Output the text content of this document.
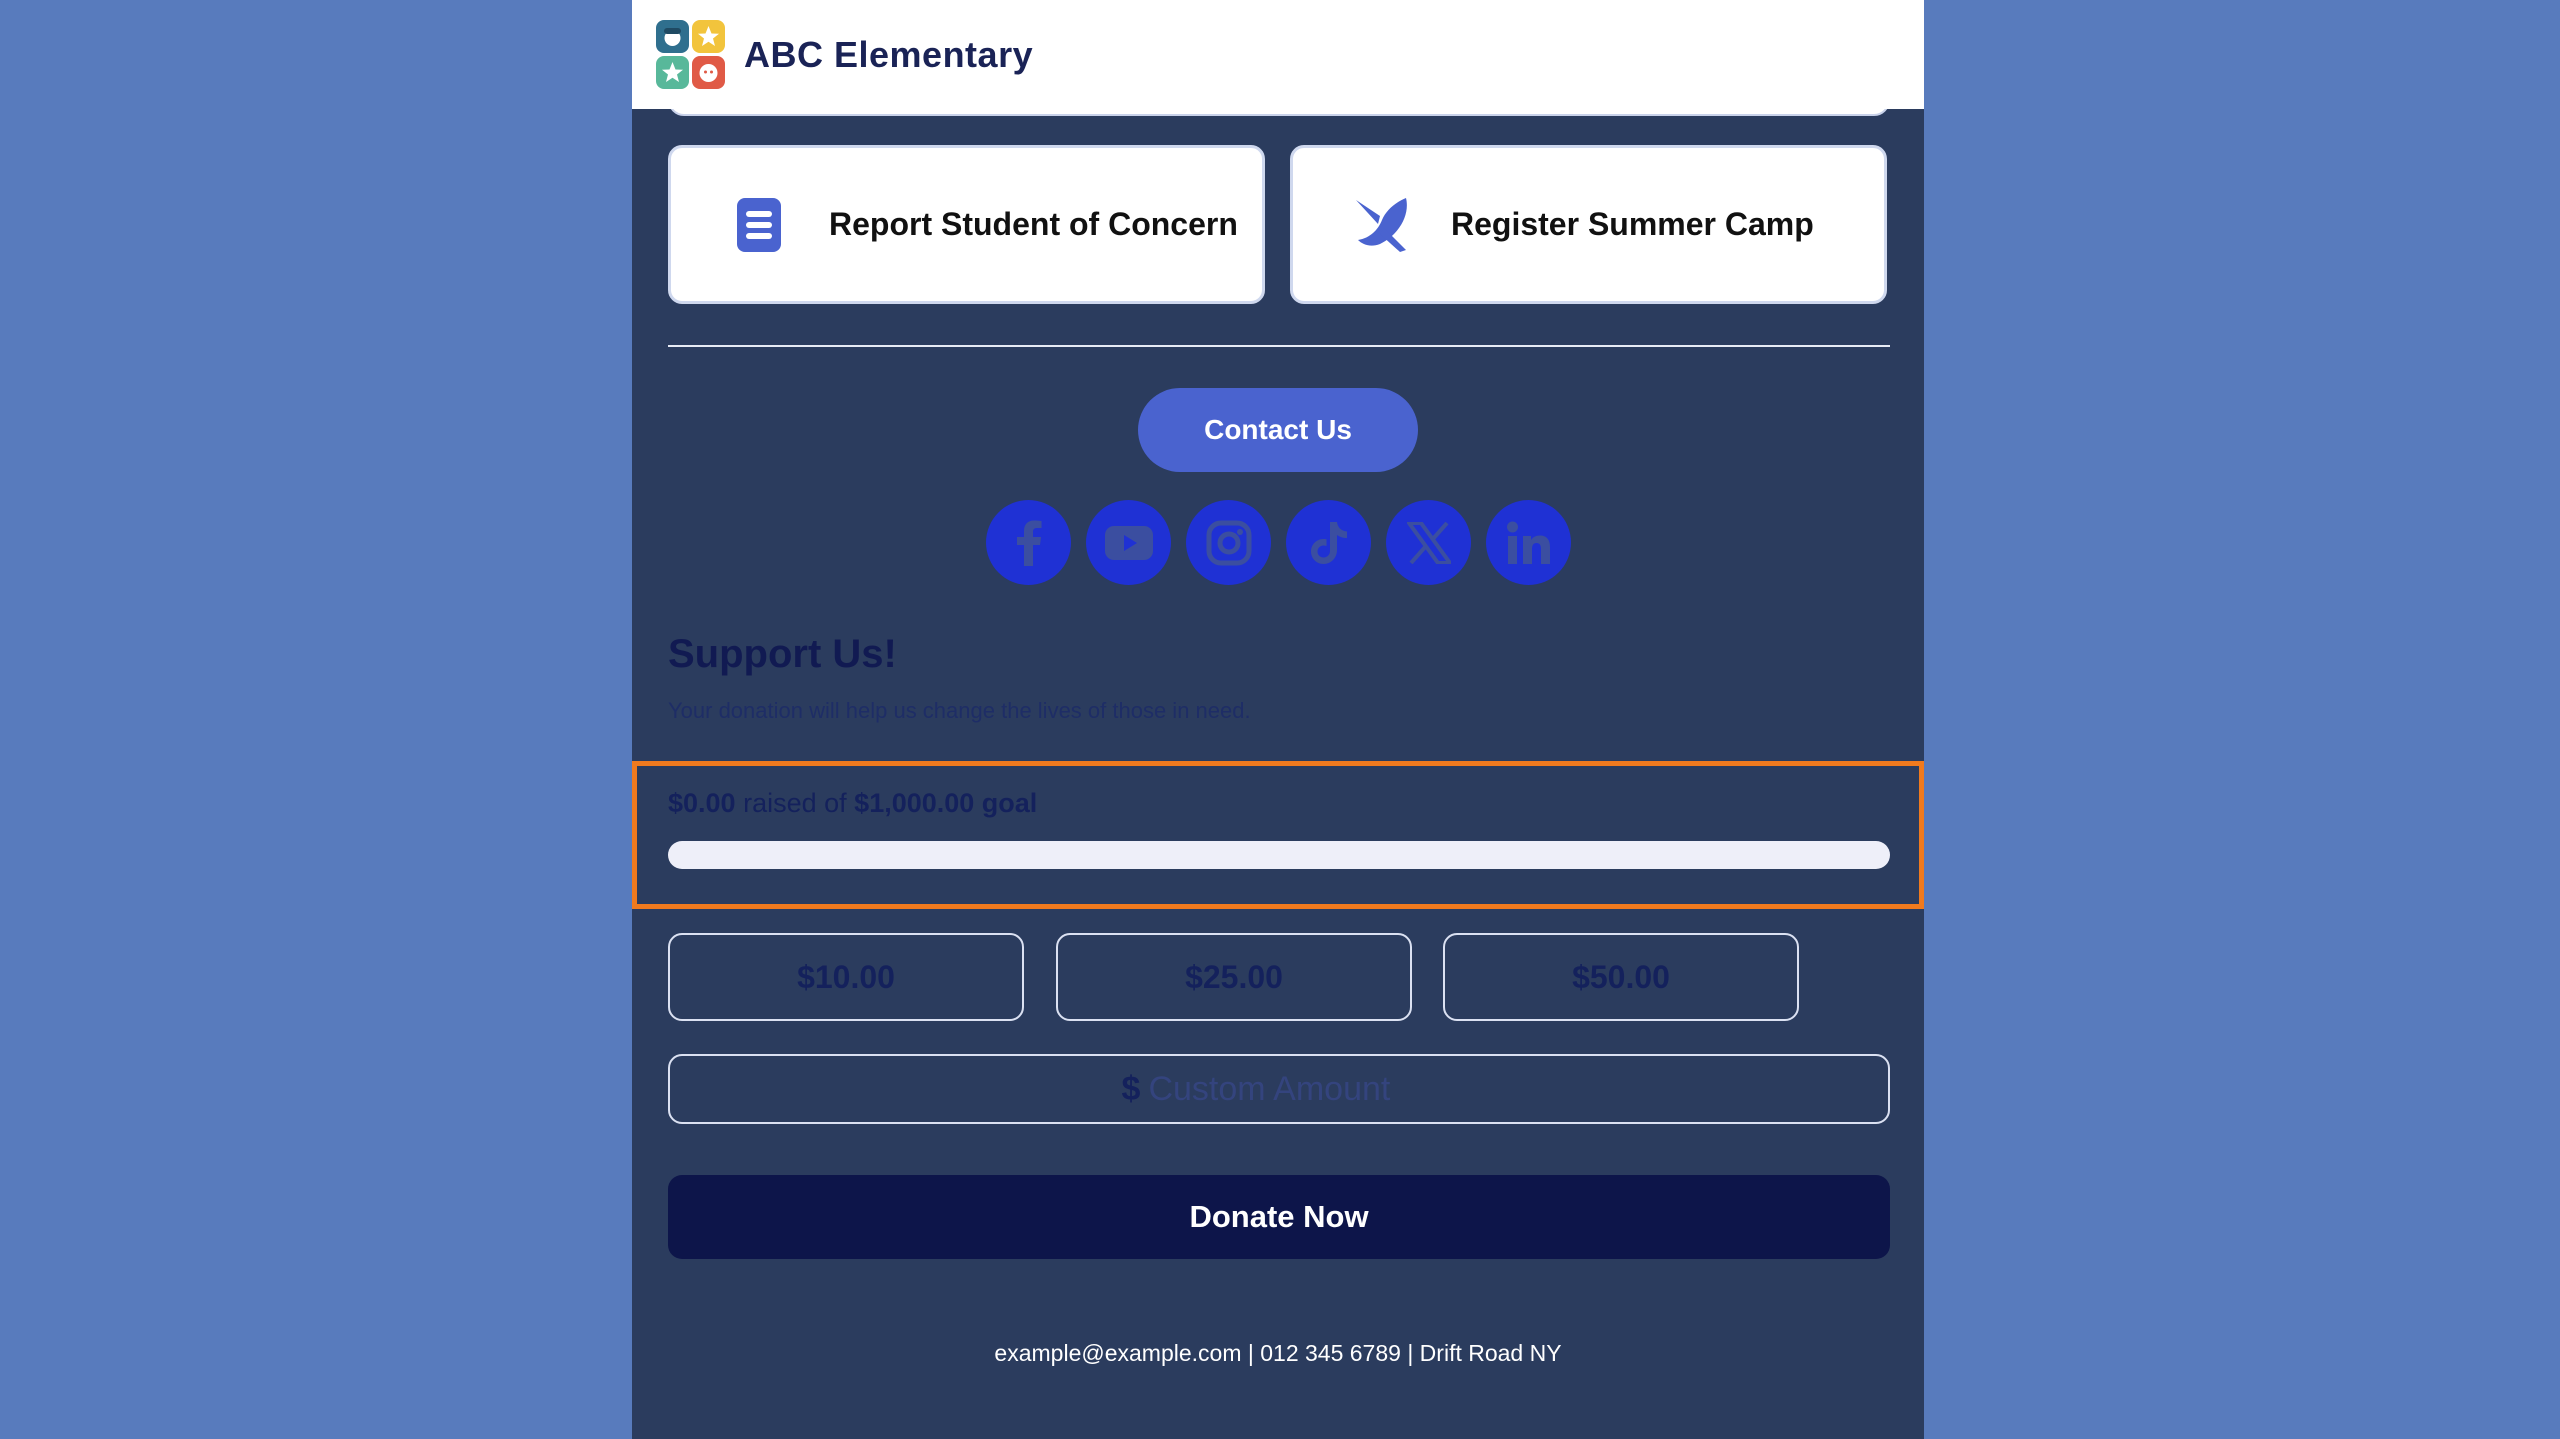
ABC Elementary
Report Student of Concern	Register Summer Camp
Contact Us
Support Us!
Your donation will help us change the lives of those in need.
$0.00 raised of $1,000.00 goal
$10.00	$25.00	$50.00
$
Custom Amount
Donate Now
example@example.com | 012 345 6789 | Drift Road NY
